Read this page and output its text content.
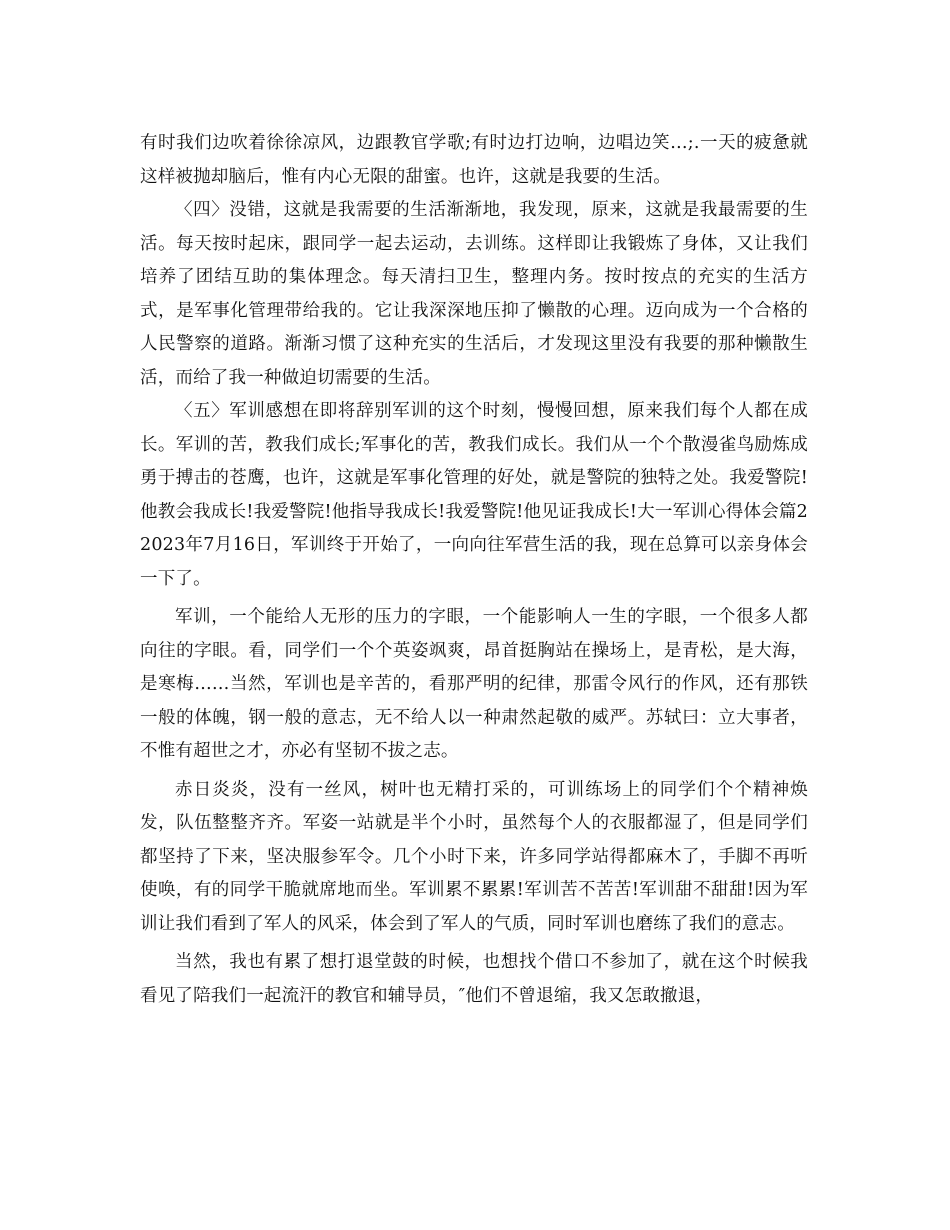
有时我们边吹着徐徐凉风，边跟教官学歌;有时边打边响，边唱边笑…;.一天的疲惫就这样被抛却脑后，惟有内心无限的甜蜜。也许，这就是我要的生活。

〈四〉没错，这就是我需要的生活渐渐地，我发现，原来，这就是我最需要的生活。每天按时起床，跟同学一起去运动，去训练。这样即让我锻炼了身体，又让我们培养了团结互助的集体理念。每天清扫卫生，整理内务。按时按点的充实的生活方式，是军事化管理带给我的。它让我深深地压抑了懒散的心理。迈向成为一个合格的人民警察的道路。渐渐习惯了这种充实的生活后，才发现这里没有我要的那种懒散生活，而给了我一种做迫切需要的生活。

〈五〉军训感想在即将辞别军训的这个时刻，慢慢回想，原来我们每个人都在成长。军训的苦，教我们成长;军事化的苦，教我们成长。我们从一个个散漫雀鸟励炼成勇于搏击的苍鹰，也许，这就是军事化管理的好处，就是警院的独特之处。我爱警院!他教会我成长!我爱警院!他指导我成长!我爱警院!他见证我成长!大一军训心得体会篇2　　2023年7月16日，军训终于开始了，一向向往军营生活的我，现在总算可以亲身体会一下了。

军训，一个能给人无形的压力的字眼，一个能影响人一生的字眼，一个很多人都向往的字眼。看，同学们一个个英姿飒爽，昂首挺胸站在操场上，是青松，是大海，是寒梅……当然，军训也是辛苦的，看那严明的纪律，那雷令风行的作风，还有那铁一般的体魄，钢一般的意志，无不给人以一种肃然起敬的威严。苏轼曰：立大事者，不惟有超世之才，亦必有坚韧不拔之志。

赤日炎炎，没有一丝风，树叶也无精打采的，可训练场上的同学们个个精神焕发，队伍整整齐齐。军姿一站就是半个小时，虽然每个人的衣服都湿了，但是同学们都坚持了下来，坚决服参军令。几个小时下来，许多同学站得都麻木了，手脚不再听使唤，有的同学干脆就席地而坐。军训累不累累!军训苦不苦苦!军训甜不甜甜!因为军训让我们看到了军人的风采，体会到了军人的气质，同时军训也磨练了我们的意志。

当然，我也有累了想打退堂鼓的时候，也想找个借口不参加了，就在这个时候我看见了陪我们一起流汗的教官和辅导员，″他们不曾退缩，我又怎敢撤退，
